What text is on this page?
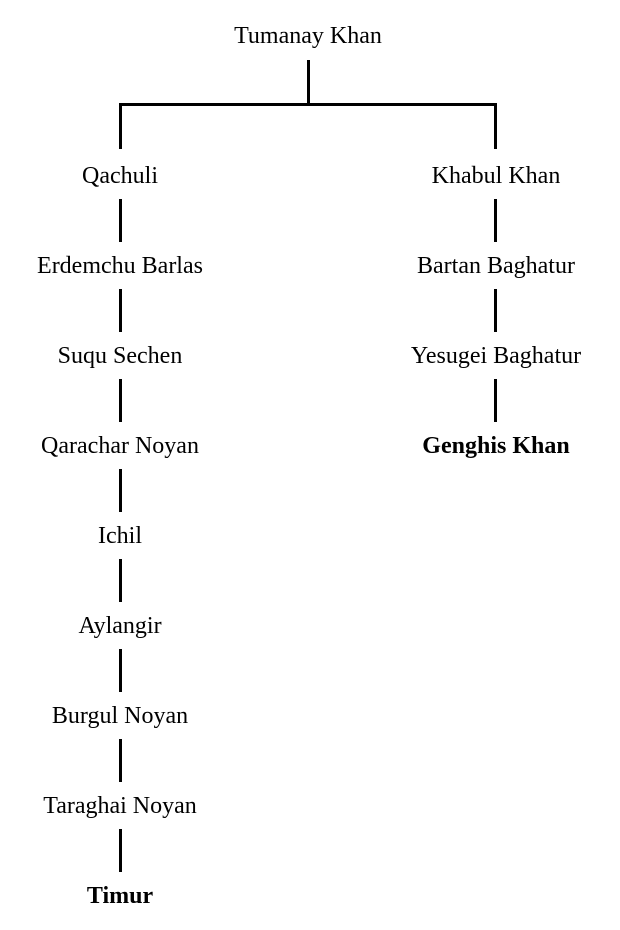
Tumanay Khan
Qachuli
Erdemchu Barlas
Suqu Sechen
Qarachar Noyan
Ichil
Aylangir
Burgul Noyan
Taraghai Noyan
Timur
Khabul Khan
Bartan Baghatur
Yesugei Baghatur
Genghis Khan
